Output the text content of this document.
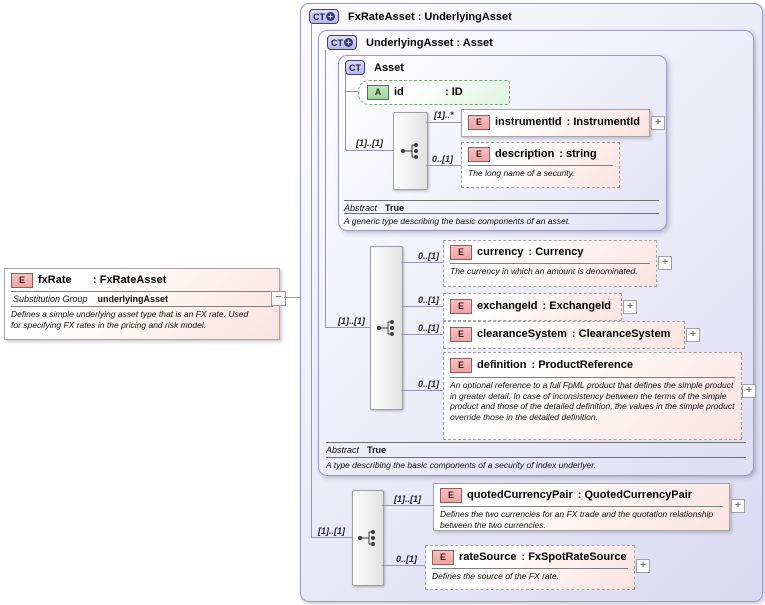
E	fxRate	: FxRateAsset
Substitution Group underlyingAsset
Defines a simple underlying asset type that is an FX rate. Used for specifying FX rates in the pricing and risk model.
−
CT + FxRateAsset : UnderlyingAsset
CT + UnderlyingAsset : Asset
CT Asset
A	id	: ID
[1]..[1]
[1]..*
E	instrumentId : InstrumentId	+
0..[1]	E	description : string
The long name of a security.
Abstract True
A generic type describing the basic components of an asset.
[1]..[1]
0..[1]	E	currency : Currency
The currency in which an amount is denominated.
+
0..[1]
E	exchangeId : ExchangeId	+
0..[1]
E	clearanceSystem : ClearanceSystem	+
0..[1]
E	definition : ProductReference
An optional reference to a full FpML product that defines the simple product in greater detail. In case of inconsistency between the terms of the simple product and those of the detailed definition, the values in the simple product override those in the detailed definition.
+
Abstract True
A type describing the basic components of a security of index underlyer.
[1]..[1]
[1]..[1]	E	quotedCurrencyPair : QuotedCurrencyPair
Defines the two currencies for an FX trade and the quotation relationship between the two currencies.
+
0..[1]	E	rateSource : FxSpotRateSource
Defines the source of the FX rate.
+
